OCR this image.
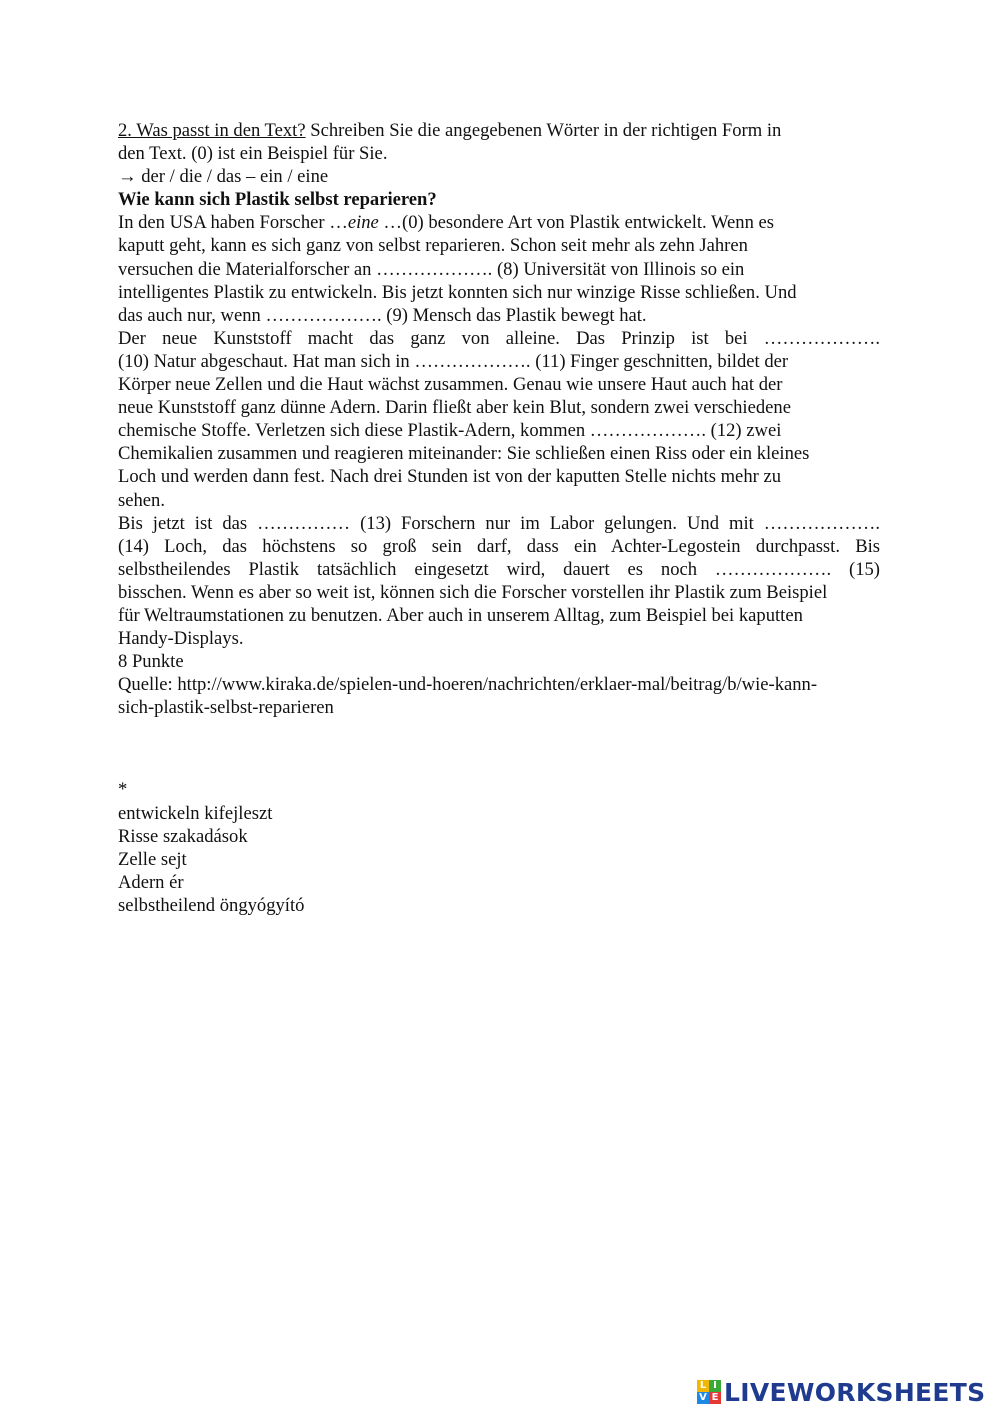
2. Was passt in den Text? Schreiben Sie die angegebenen Wörter in der richtigen Form in
den Text. (0) ist ein Beispiel für Sie.
→ der / die / das – ein / eine
Wie kann sich Plastik selbst reparieren?
In den USA haben Forscher …eine …(0) besondere Art von Plastik entwickelt. Wenn es
kaputt geht, kann es sich ganz von selbst reparieren. Schon seit mehr als zehn Jahren
versuchen die Materialforscher an ………………. (8) Universität von Illinois so ein
intelligentes Plastik zu entwickeln. Bis jetzt konnten sich nur winzige Risse schließen. Und
das auch nur, wenn ………………. (9) Mensch das Plastik bewegt hat.
Der neue Kunststoff macht das ganz von alleine. Das Prinzip ist bei ……………….
(10) Natur abgeschaut. Hat man sich in ………………. (11) Finger geschnitten, bildet der
Körper neue Zellen und die Haut wächst zusammen. Genau wie unsere Haut auch hat der
neue Kunststoff ganz dünne Adern. Darin fließt aber kein Blut, sondern zwei verschiedene
chemische Stoffe. Verletzen sich diese Plastik-Adern, kommen ………………. (12) zwei
Chemikalien zusammen und reagieren miteinander: Sie schließen einen Riss oder ein kleines
Loch und werden dann fest. Nach drei Stunden ist von der kaputten Stelle nichts mehr zu
sehen.
Bis jetzt ist das …………… (13) Forschern nur im Labor gelungen. Und mit ……………….
(14) Loch, das höchstens so groß sein darf, dass ein Achter-Legostein durchpasst. Bis
selbstheilendes Plastik tatsächlich eingesetzt wird, dauert es noch ………………. (15)
bisschen. Wenn es aber so weit ist, können sich die Forscher vorstellen ihr Plastik zum Beispiel
für Weltraumstationen zu benutzen. Aber auch in unserem Alltag, zum Beispiel bei kaputten
Handy-Displays.
8 Punkte
Quelle: http://www.kiraka.de/spielen-und-hoeren/nachrichten/erklaer-mal/beitrag/b/wie-kann-
sich-plastik-selbst-reparieren
*
entwickeln kifejleszt
Risse szakadások
Zelle sejt
Adern ér
selbstheilend öngyógyító
L I
V E LIVEWORKSHEETS
